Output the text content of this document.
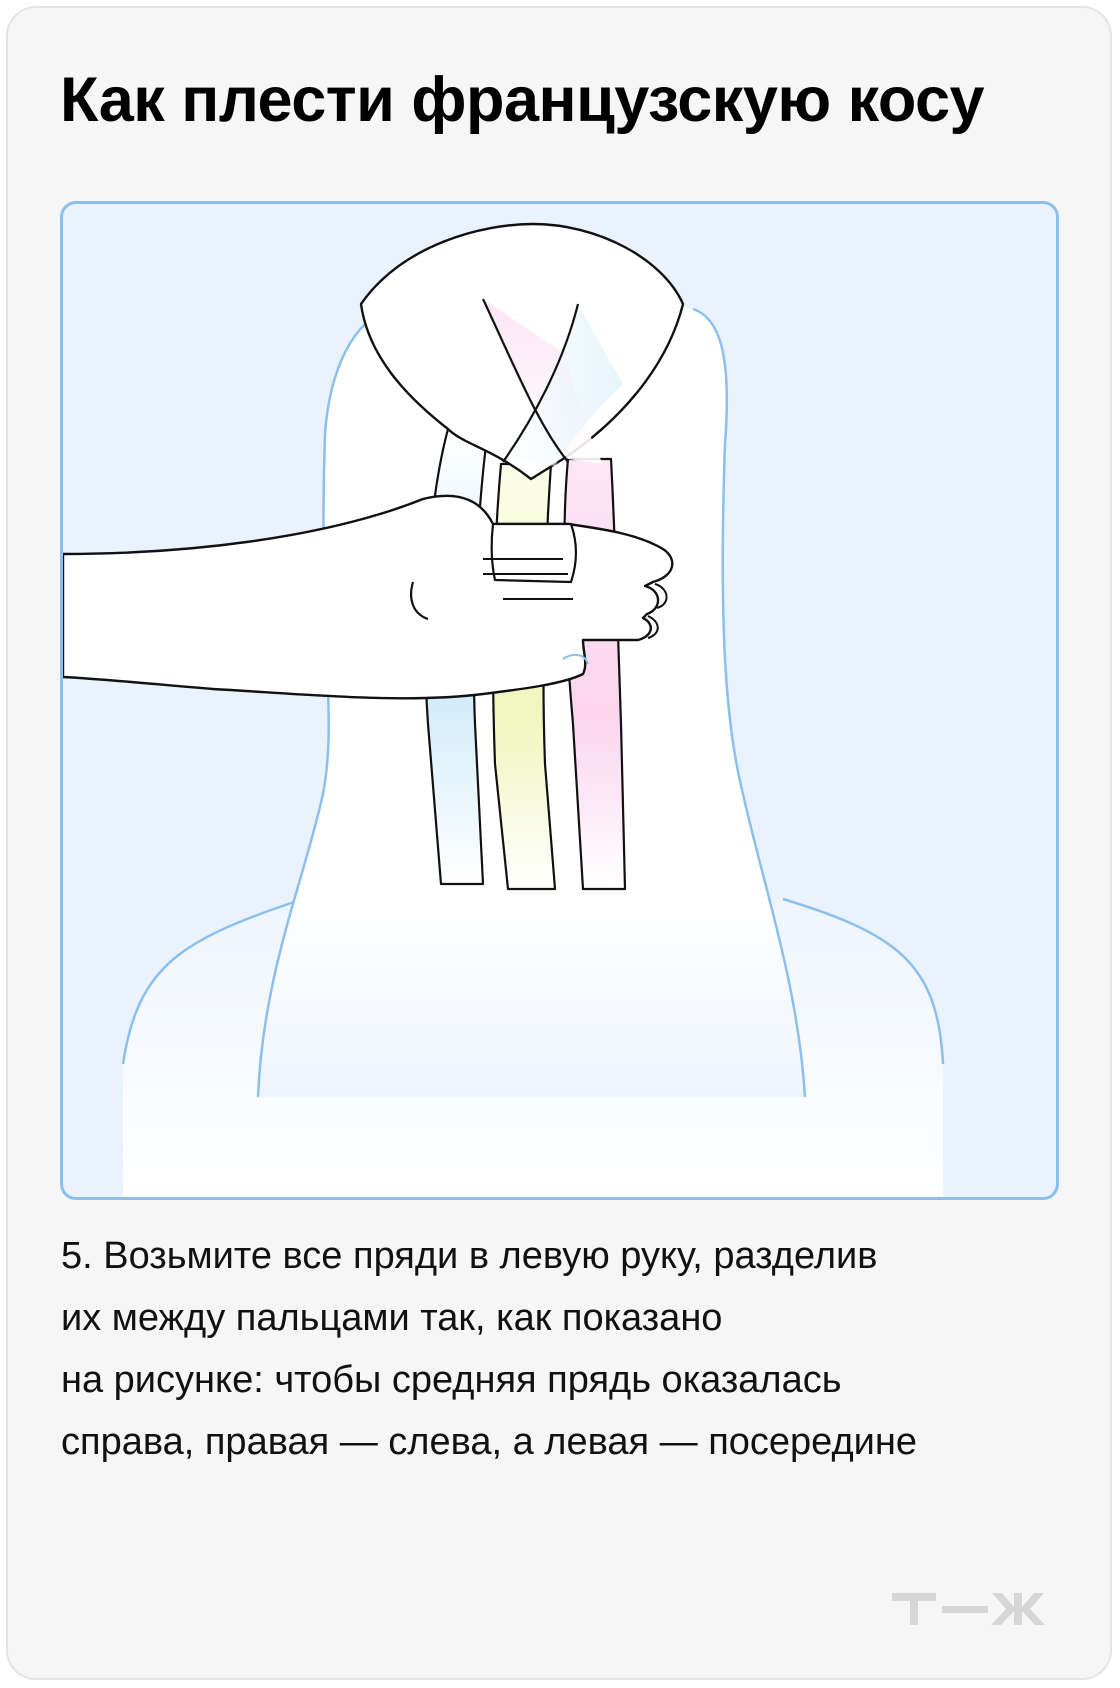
Как плести французскую косу

5. Возьмите все пряди в левую руку, разделив
их между пальцами так, как показано
на рисунке: чтобы средняя прядь оказалась
справа, правая — слева, а левая — посередине
